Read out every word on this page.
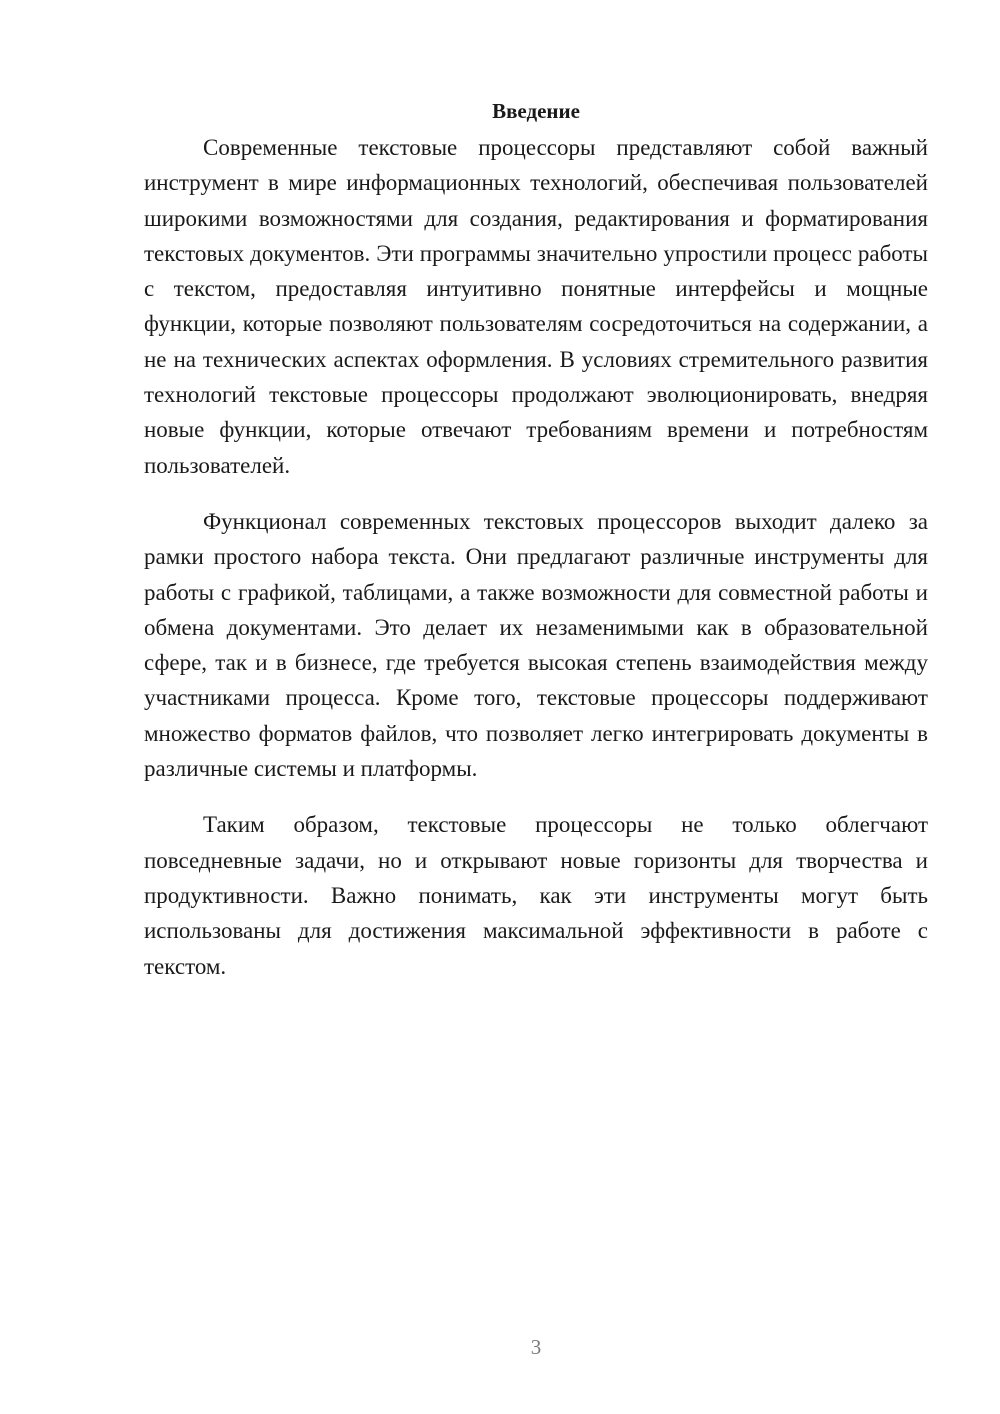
Введение

Современные текстовые процессоры представляют собой важный инструмент в мире информационных технологий, обеспечивая пользователей широкими возможностями для создания, редактирования и форматирования текстовых документов. Эти программы значительно упростили процесс работы с текстом, предоставляя интуитивно понятные интерфейсы и мощные функции, которые позволяют пользователям сосредоточиться на содержании, а не на технических аспектах оформления. В условиях стремительного развития технологий текстовые процессоры продолжают эволюционировать, внедряя новые функции, которые отвечают требованиям времени и потребностям пользователей.

Функционал современных текстовых процессоров выходит далеко за рамки простого набора текста. Они предлагают различные инструменты для работы с графикой, таблицами, а также возможности для совместной работы и обмена документами. Это делает их незаменимыми как в образовательной сфере, так и в бизнесе, где требуется высокая степень взаимодействия между участниками процесса. Кроме того, текстовые процессоры поддерживают множество форматов файлов, что позволяет легко интегрировать документы в различные системы и платформы.

Таким образом, текстовые процессоры не только облегчают повседневные задачи, но и открывают новые горизонты для творчества и продуктивности. Важно понимать, как эти инструменты могут быть использованы для достижения максимальной эффективности в работе с текстом.

3
